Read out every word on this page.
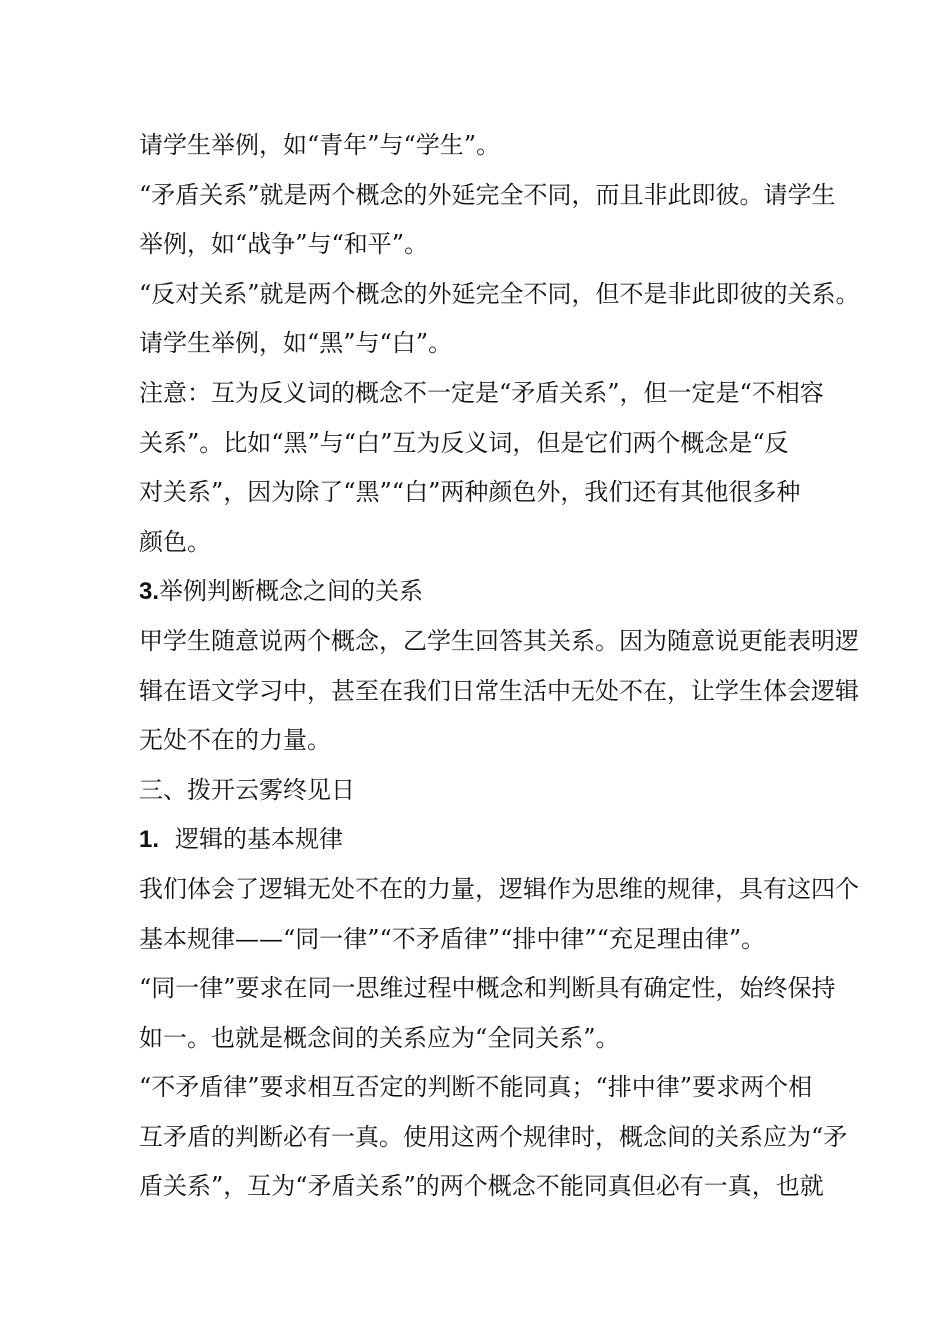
请学生举例，如“青年”与“学生”。
“矛盾关系”就是两个概念的外延完全不同，而且非此即彼。请学生
举例，如“战争”与“和平”。
“反对关系”就是两个概念的外延完全不同，但不是非此即彼的关系。
请学生举例，如“黑”与“白”。
注意：互为反义词的概念不一定是“矛盾关系”，但一定是“不相容
关系”。比如“黑”与“白”互为反义词，但是它们两个概念是“反
对关系”，因为除了“黑”“白”两种颜色外，我们还有其他很多种
颜色。
3.举例判断概念之间的关系
甲学生随意说两个概念，乙学生回答其关系。因为随意说更能表明逻
辑在语文学习中，甚至在我们日常生活中无处不在，让学生体会逻辑
无处不在的力量。
三、拨开云雾终见日
1. 逻辑的基本规律
我们体会了逻辑无处不在的力量，逻辑作为思维的规律，具有这四个
基本规律——“同一律”“不矛盾律”“排中律”“充足理由律”。
“同一律”要求在同一思维过程中概念和判断具有确定性，始终保持
如一。也就是概念间的关系应为“全同关系”。
“不矛盾律”要求相互否定的判断不能同真；“排中律”要求两个相
互矛盾的判断必有一真。使用这两个规律时，概念间的关系应为“矛
盾关系”，互为“矛盾关系”的两个概念不能同真但必有一真，也就
